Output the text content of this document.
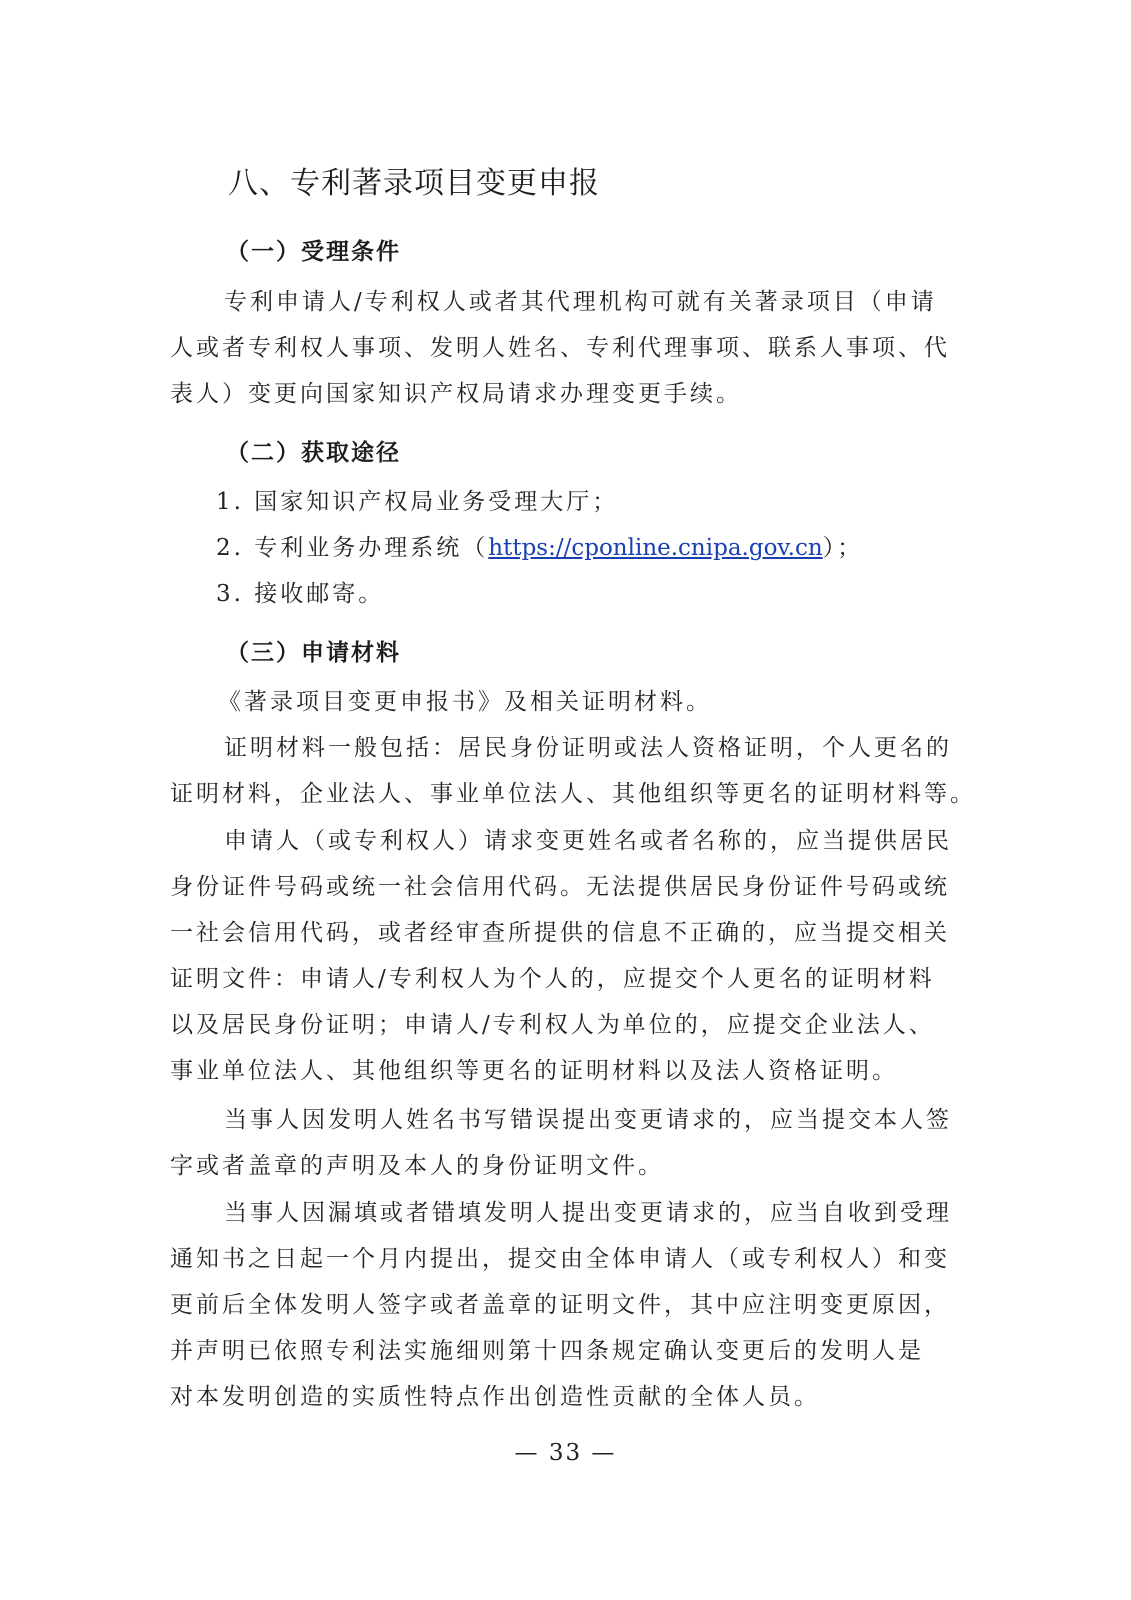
八、专利著录项目变更申报
（一）受理条件
专利申请人/专利权人或者其代理机构可就有关著录项目（申请
人或者专利权人事项、发明人姓名、专利代理事项、联系人事项、代
表人）变更向国家知识产权局请求办理变更手续。
（二）获取途径
1. 国家知识产权局业务受理大厅；
2. 专利业务办理系统（https://cponline.cnipa.gov.cn）；
3. 接收邮寄。
（三）申请材料
《著录项目变更申报书》及相关证明材料。
证明材料一般包括：居民身份证明或法人资格证明，个人更名的
证明材料，企业法人、事业单位法人、其他组织等更名的证明材料等。
申请人（或专利权人）请求变更姓名或者名称的，应当提供居民
身份证件号码或统一社会信用代码。无法提供居民身份证件号码或统
一社会信用代码，或者经审查所提供的信息不正确的，应当提交相关
证明文件：申请人/专利权人为个人的，应提交个人更名的证明材料
以及居民身份证明；申请人/专利权人为单位的，应提交企业法人、
事业单位法人、其他组织等更名的证明材料以及法人资格证明。
当事人因发明人姓名书写错误提出变更请求的，应当提交本人签
字或者盖章的声明及本人的身份证明文件。
当事人因漏填或者错填发明人提出变更请求的，应当自收到受理
通知书之日起一个月内提出，提交由全体申请人（或专利权人）和变
更前后全体发明人签字或者盖章的证明文件，其中应注明变更原因，
并声明已依照专利法实施细则第十四条规定确认变更后的发明人是
对本发明创造的实质性特点作出创造性贡献的全体人员。
— 33 —
